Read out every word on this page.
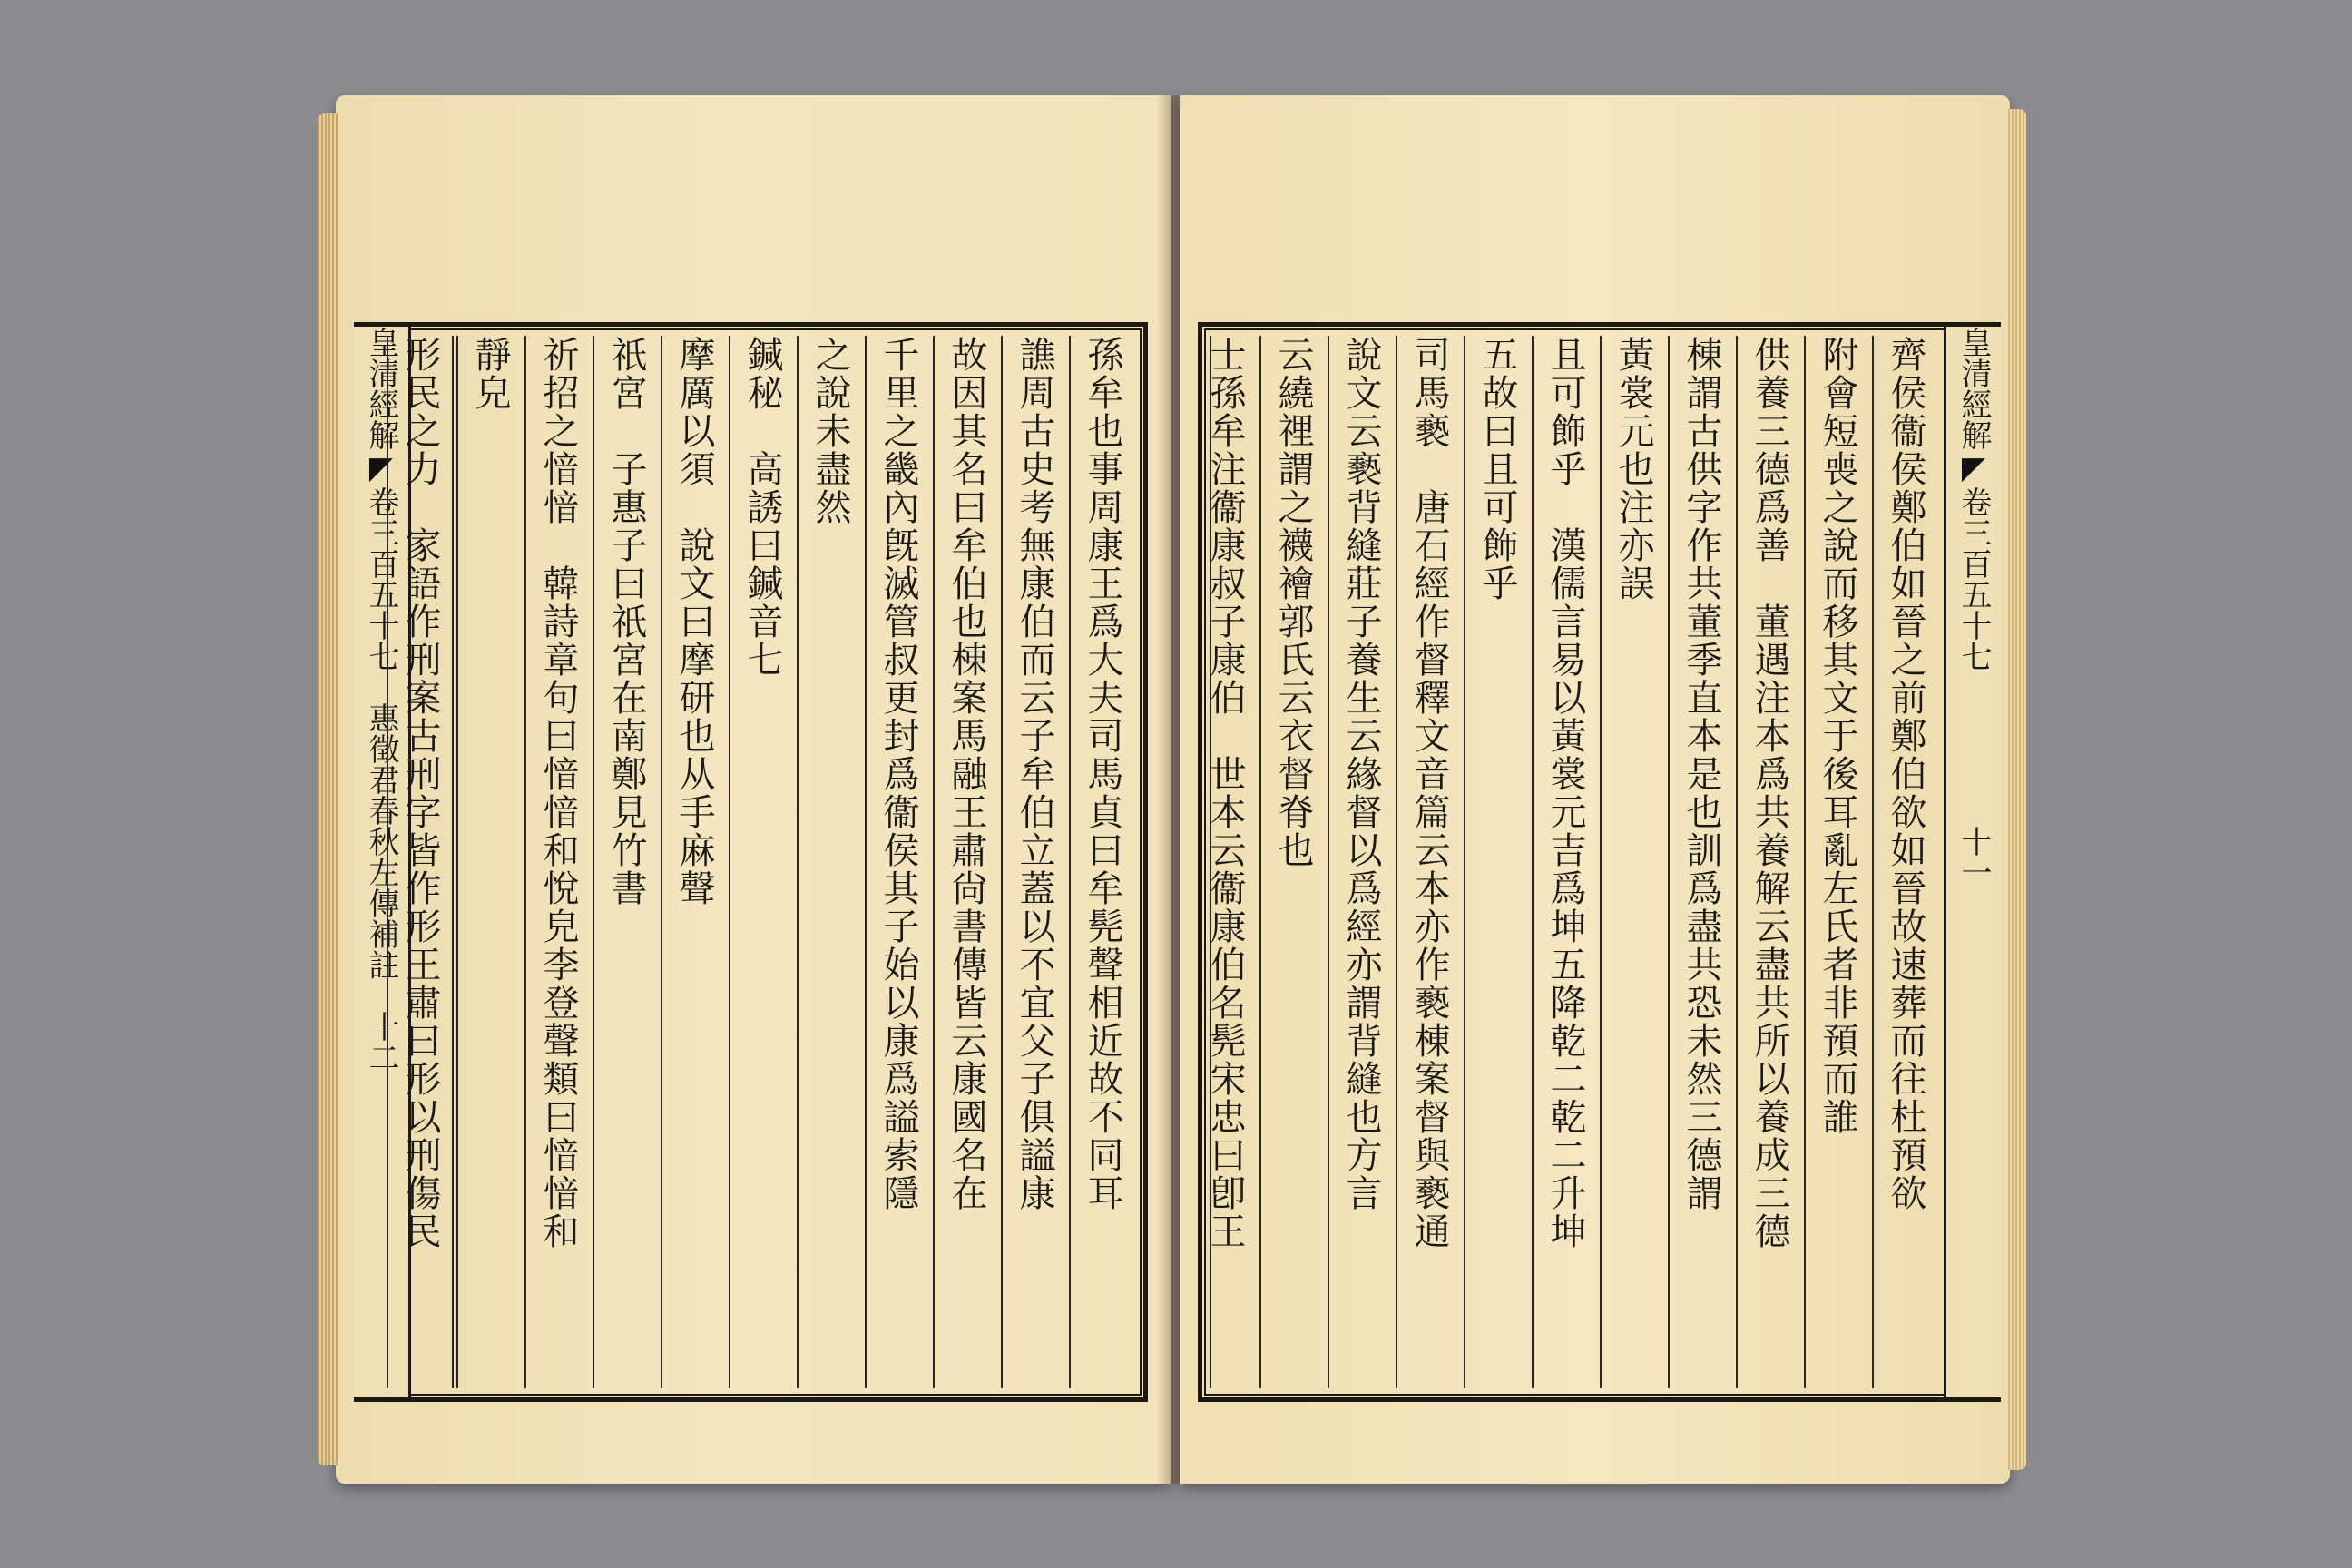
皇清經解◤卷三百五十七　惠徵君春秋左傳補註　十二	孫牟也事周康王爲大夫司馬貞曰牟髡聲相近故不同耳
譙周古史考無康伯而云子牟伯立蓋以不宜父子俱謚康
故因其名曰牟伯也棟案馬融王肅尙書傳皆云康國名在
千里之畿內旣滅管叔更封爲衞侯其子始以康爲謚索隱
之說未盡然
鍼秘　高誘曰鍼音七
摩厲以須　說文曰摩研也从手麻聲
祇宮　子惠子曰祇宮在南鄭見竹書
祈招之愔愔　韓詩章句曰愔愔和悅皃李登聲類曰愔愔和
靜皃
形民之力　家語作刑案古刑字皆作形王肅曰形以刑傷民	皇清經解◤卷三百五十七　　　　　十一
齊侯衞侯鄭伯如晉之前鄭伯欲如晉故速葬而往杜預欲
附會短喪之說而移其文于後耳亂左氏者非預而誰
供養三德爲善　董遇注本爲共養解云盡共所以養成三德
棟謂古供字作共董季直本是也訓爲盡共恐未然三德謂
黃裳元也注亦誤
且可飾乎　漢儒言易以黃裳元吉爲坤五降乾二乾二升坤
五故曰且可飾乎
司馬褻　唐石經作督釋文音篇云本亦作褻棟案督與褻通
說文云褻背縫莊子養生云緣督以爲經亦謂背縫也方言
云繞𥚃謂之襪襘郭氏云衣督脊也
士孫牟注衞康叔子康伯　世本云衞康伯名髡宋忠曰卽王
